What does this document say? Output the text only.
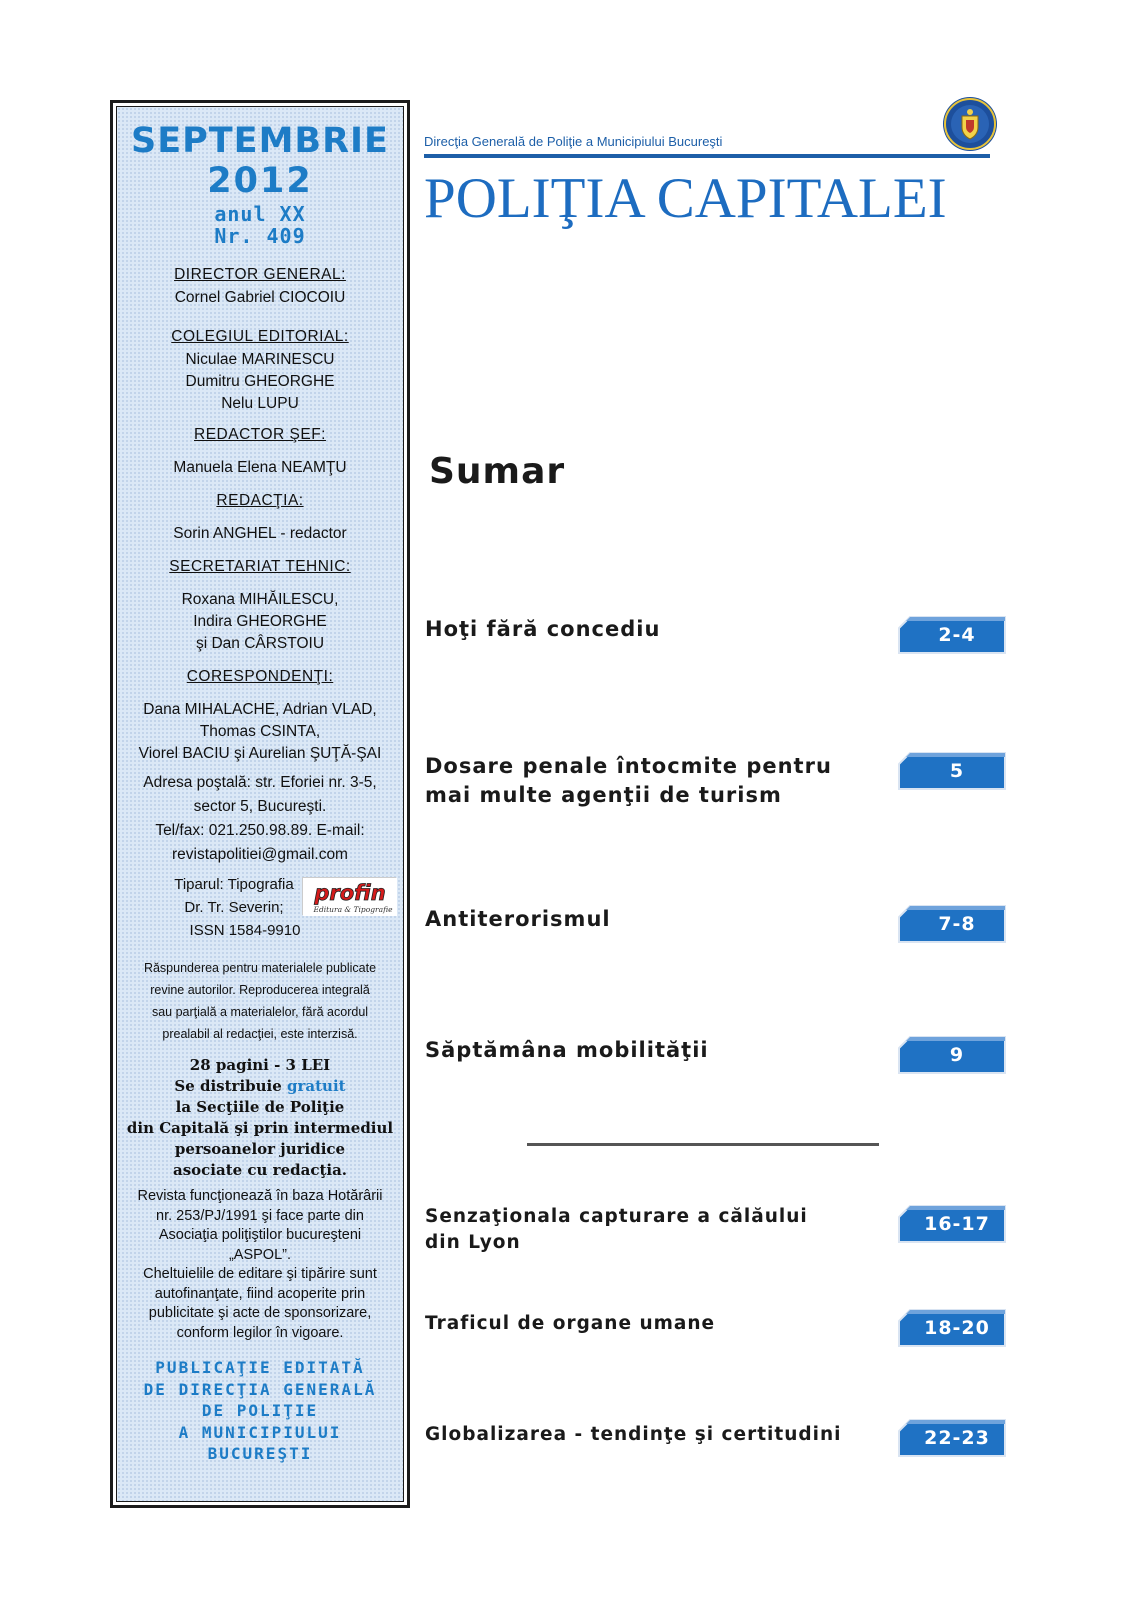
SEPTEMBRIE
2012
anul XX
Nr. 409
DIRECTOR GENERAL:
Cornel Gabriel CIOCOIU
COLEGIUL EDITORIAL:
Niculae MARINESCU
Dumitru GHEORGHE
Nelu LUPU
REDACTOR ŞEF:
Manuela Elena NEAMŢU
REDACŢIA:
Sorin ANGHEL - redactor
SECRETARIAT TEHNIC:
Roxana MIHĂILESCU,
Indira GHEORGHE
şi Dan CÂRSTOIU
CORESPONDENŢI:
Dana MIHALACHE, Adrian VLAD,
Thomas CSINTA,
Viorel BACIU şi Aurelian ŞUŢĂ-ŞAI
Adresa poştală: str. Eforiei nr. 3-5,
sector 5, Bucureşti.
Tel/fax: 021.250.98.89. E-mail:
revistapolitiei@gmail.com
Tiparul: Tipografia
Dr. Tr. Severin;
ISSN 1584-9910
profin
Editura & Tipografie
Răspunderea pentru materialele publicate
revine autorilor. Reproducerea integrală
sau parţială a materialelor, fără acordul
prealabil al redacţiei, este interzisă.
28 pagini - 3 LEI
Se distribuie gratuit
la Secţiile de Poliţie
din Capitală şi prin intermediul
persoanelor juridice
asociate cu redacţia.
Revista funcţionează în baza Hotărârii
nr. 253/PJ/1991 şi face parte din
Asociaţia poliţiştilor bucureşteni
„ASPOL”.
Cheltuielile de editare şi tipărire sunt
autofinanţate, fiind acoperite prin
publicitate şi acte de sponsorizare,
conform legilor în vigoare.
PUBLICAŢIE EDITATĂ
DE DIRECŢIA GENERALĂ
DE POLIŢIE
A MUNICIPIULUI
BUCUREŞTI
Direcţia Generală de Poliţie a Municipiului Bucureşti
POLIŢIA CAPITALEI
Sumar
Hoţi fără concediu	2-4
Dosare penale întocmite pentru
mai multe agenţii de turism
5
Antiterorismul	7-8
Săptămâna mobilităţii	9
Senzaţionala capturare a călăului
din Lyon
16-17
Traficul de organe umane	18-20
Globalizarea - tendinţe şi certitudini	22-23
